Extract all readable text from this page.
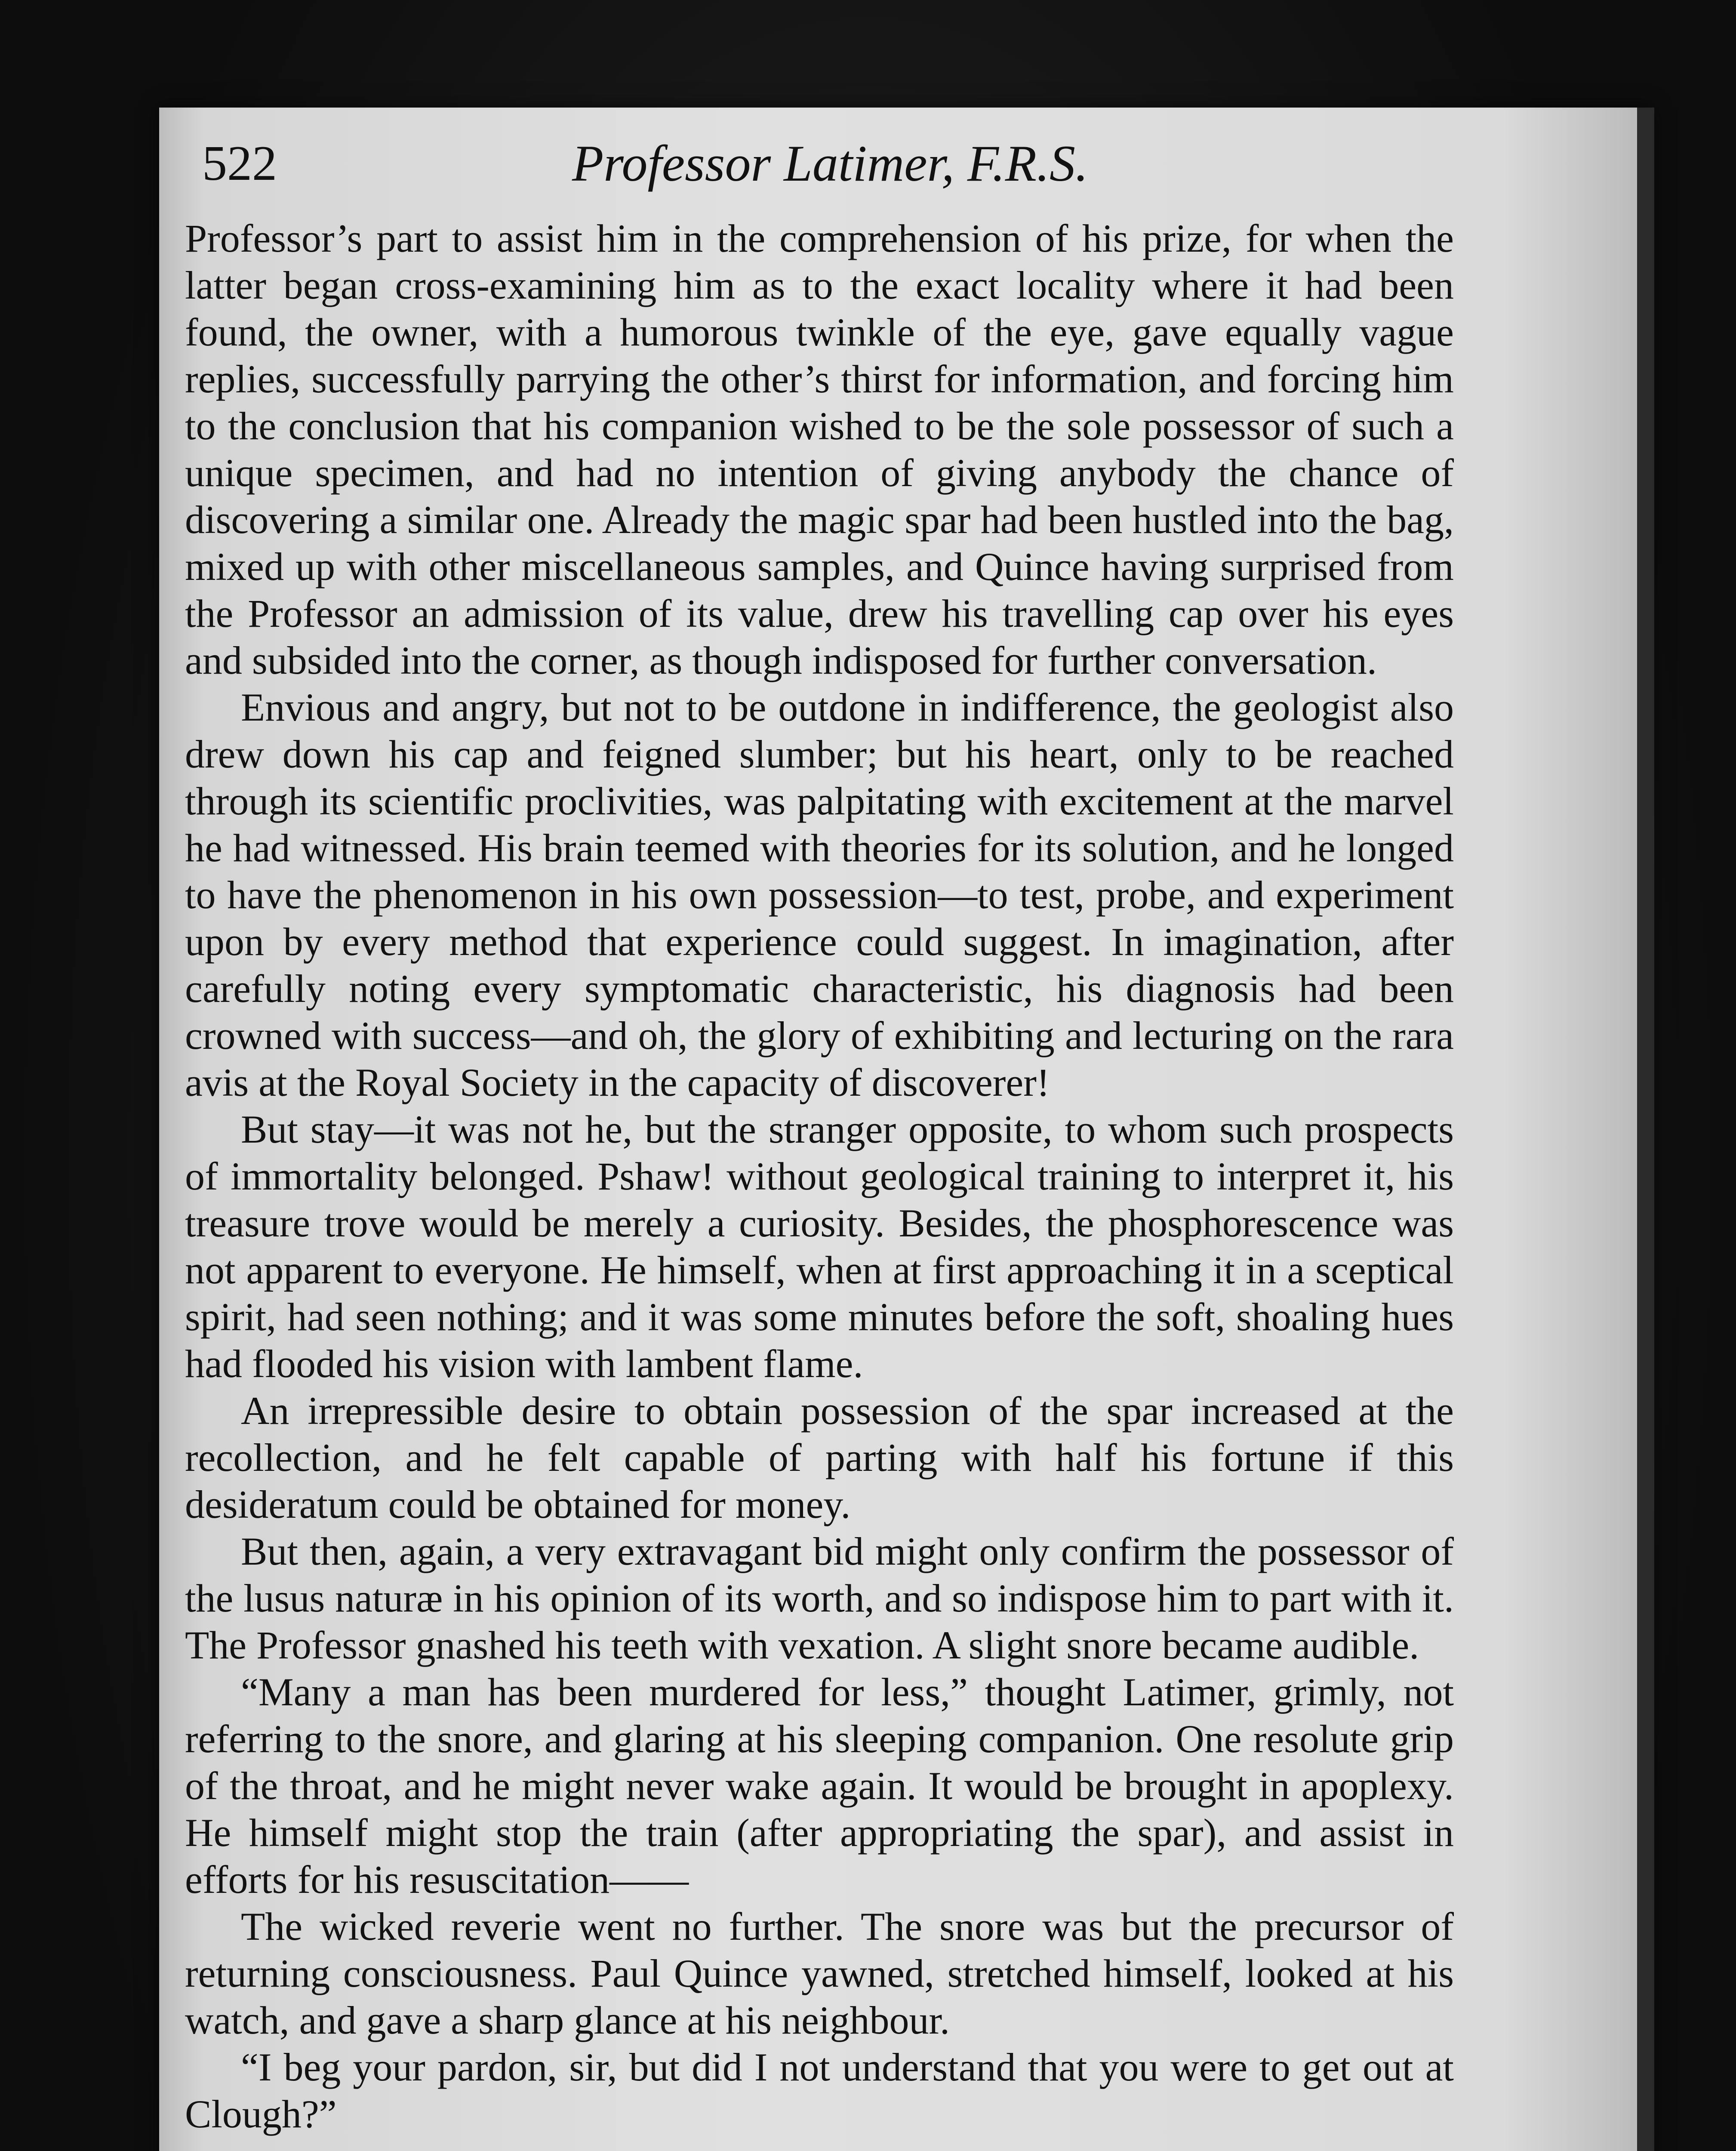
522	Professor Latimer, F.R.S.

Professor’s part to assist him in the comprehension of his prize, for when the latter began cross-examining him as to the exact locality where it had been found, the owner, with a humorous twinkle of the eye, gave equally vague replies, successfully parrying the other’s thirst for information, and forcing him to the conclusion that his companion wished to be the sole possessor of such a unique specimen, and had no intention of giving anybody the chance of discovering a similar one. Already the magic spar had been hustled into the bag, mixed up with other miscellaneous samples, and Quince having surprised from the Professor an admission of its value, drew his travelling cap over his eyes and subsided into the corner, as though indisposed for further conversation.

Envious and angry, but not to be outdone in indifference, the geologist also drew down his cap and feigned slumber; but his heart, only to be reached through its scientific proclivities, was palpitating with excitement at the marvel he had witnessed. His brain teemed with theories for its solution, and he longed to have the phenomenon in his own possession—to test, probe, and experiment upon by every method that experience could suggest. In imagination, after carefully noting every symptomatic characteristic, his diagnosis had been crowned with success—and oh, the glory of exhibiting and lecturing on the rara avis at the Royal Society in the capacity of discoverer!

But stay—it was not he, but the stranger opposite, to whom such prospects of immortality belonged. Pshaw! without geological training to interpret it, his treasure trove would be merely a curiosity. Besides, the phosphorescence was not apparent to everyone. He himself, when at first approaching it in a sceptical spirit, had seen nothing; and it was some minutes before the soft, shoaling hues had flooded his vision with lambent flame.

An irrepressible desire to obtain possession of the spar increased at the recollection, and he felt capable of parting with half his fortune if this desideratum could be obtained for money.

But then, again, a very extravagant bid might only confirm the possessor of the lusus naturæ in his opinion of its worth, and so indispose him to part with it. The Professor gnashed his teeth with vexation. A slight snore became audible.

“Many a man has been murdered for less,” thought Latimer, grimly, not referring to the snore, and glaring at his sleeping companion. One resolute grip of the throat, and he might never wake again. It would be brought in apoplexy. He himself might stop the train (after appropriating the spar), and assist in efforts for his resuscitation——

The wicked reverie went no further. The snore was but the precursor of returning consciousness. Paul Quince yawned, stretched himself, looked at his watch, and gave a sharp glance at his neighbour.

“I beg your pardon, sir, but did I not understand that you were to get out at Clough?”
